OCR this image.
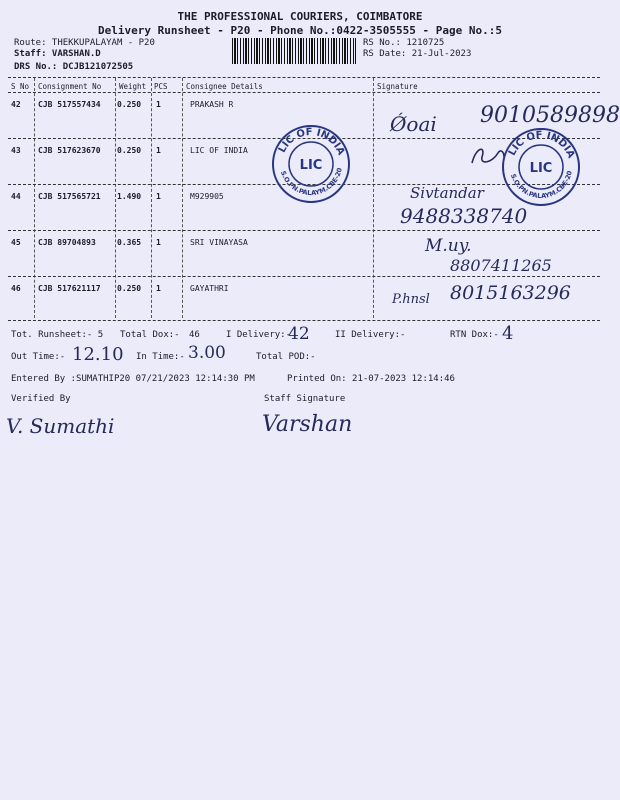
THE PROFESSIONAL COURIERS, COIMBATORE
Delivery Runsheet - P20 - Phone No.:0422-3505555 - Page No.:5
Route: THEKKUPALAYAM - P20
Staff: VARSHAN.D
DRS No.: DCJB121072505
RS No.: 1210725
RS Date: 21-Jul-2023
S No Consignment No Weight PCS Consignee Details	Signature
42 CJB 517557434 0.250 1	PRAKASH R
Ǿoai 9010589898
43 CJB 517623670 0.250 1	LIC OF INDIA	LIC OF INDIA
S.O.PN.PALAYM.CBE-20
LIC
LIC OF INDIA
S.O.PN.PALAYM.CBE-20
LIC
44 CJB 517565721 1.490 1	M929905	Sivtandar
9488338740
45 CJB 89704893	0.365 1	SRI VINAYASA	M.uy.
8807411265
46 CJB 517621117 0.250 1	GAYATHRI
P.hnsl 8015163296
Tot. Runsheet:- 5 Total Dox:- 46	I Delivery:-
42	II Delivery:-	RTN Dox:- 4
Out Time:- 12.10 In Time:- 3.00	Total POD:-
Entered By :SUMATHIP20 07/21/2023 12:14:30 PM	Printed On: 21-07-2023 12:14:46
Verified By	Staff Signature
V. Sumathi	Varshan
